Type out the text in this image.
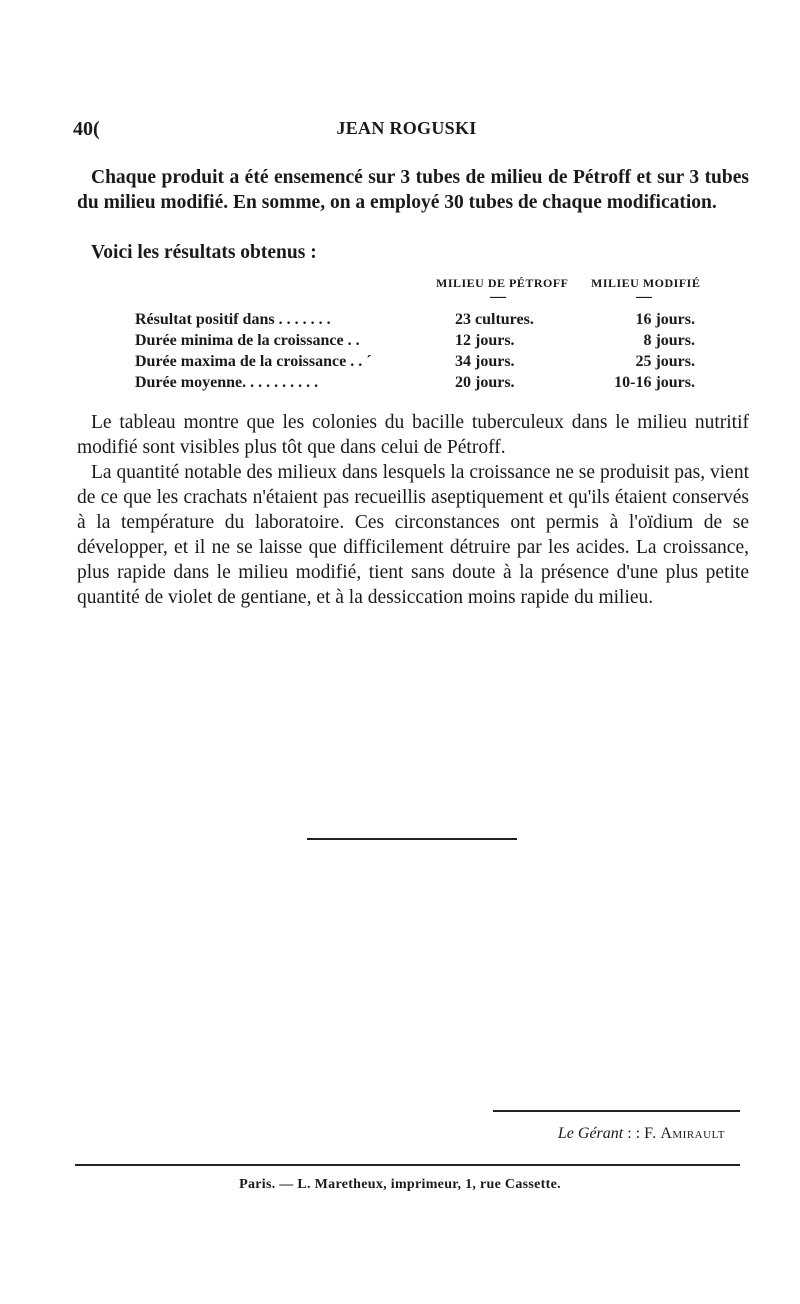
40(	JEAN ROGUSKI
Chaque produit a été ensemencé sur 3 tubes de milieu de Pétroff et sur 3 tubes du milieu modifié. En somme, on a employé 30 tubes de chaque modification.
Voici les résultats obtenus :
MILIEU DE PÉTROFF MILIEU MODIFIÉ
—	—
Résultat positif dans . . . . . . .	23 cultures.	16 jours.
Durée minima de la croissance . .	12 jours.	8 jours.
Durée maxima de la croissance . . ´	34 jours.	25 jours.
Durée moyenne. . . . . . . . . .	20 jours.	10-16 jours.
Le tableau montre que les colonies du bacille tuberculeux dans le milieu nutritif modifié sont visibles plus tôt que dans celui de Pétroff.
La quantité notable des milieux dans lesquels la croissance ne se produisit pas, vient de ce que les crachats n'étaient pas recueillis aseptiquement et qu'ils étaient conservés à la température du laboratoire. Ces circonstances ont permis à l'oïdium de se développer, et il ne se laisse que difficilement détruire par les acides. La croissance, plus rapide dans le milieu modifié, tient sans doute à la présence d'une plus petite quantité de violet de gentiane, et à la dessiccation moins rapide du milieu.
Le Gérant : : F. Amirault
Paris. — L. Maretheux, imprimeur, 1, rue Cassette.
